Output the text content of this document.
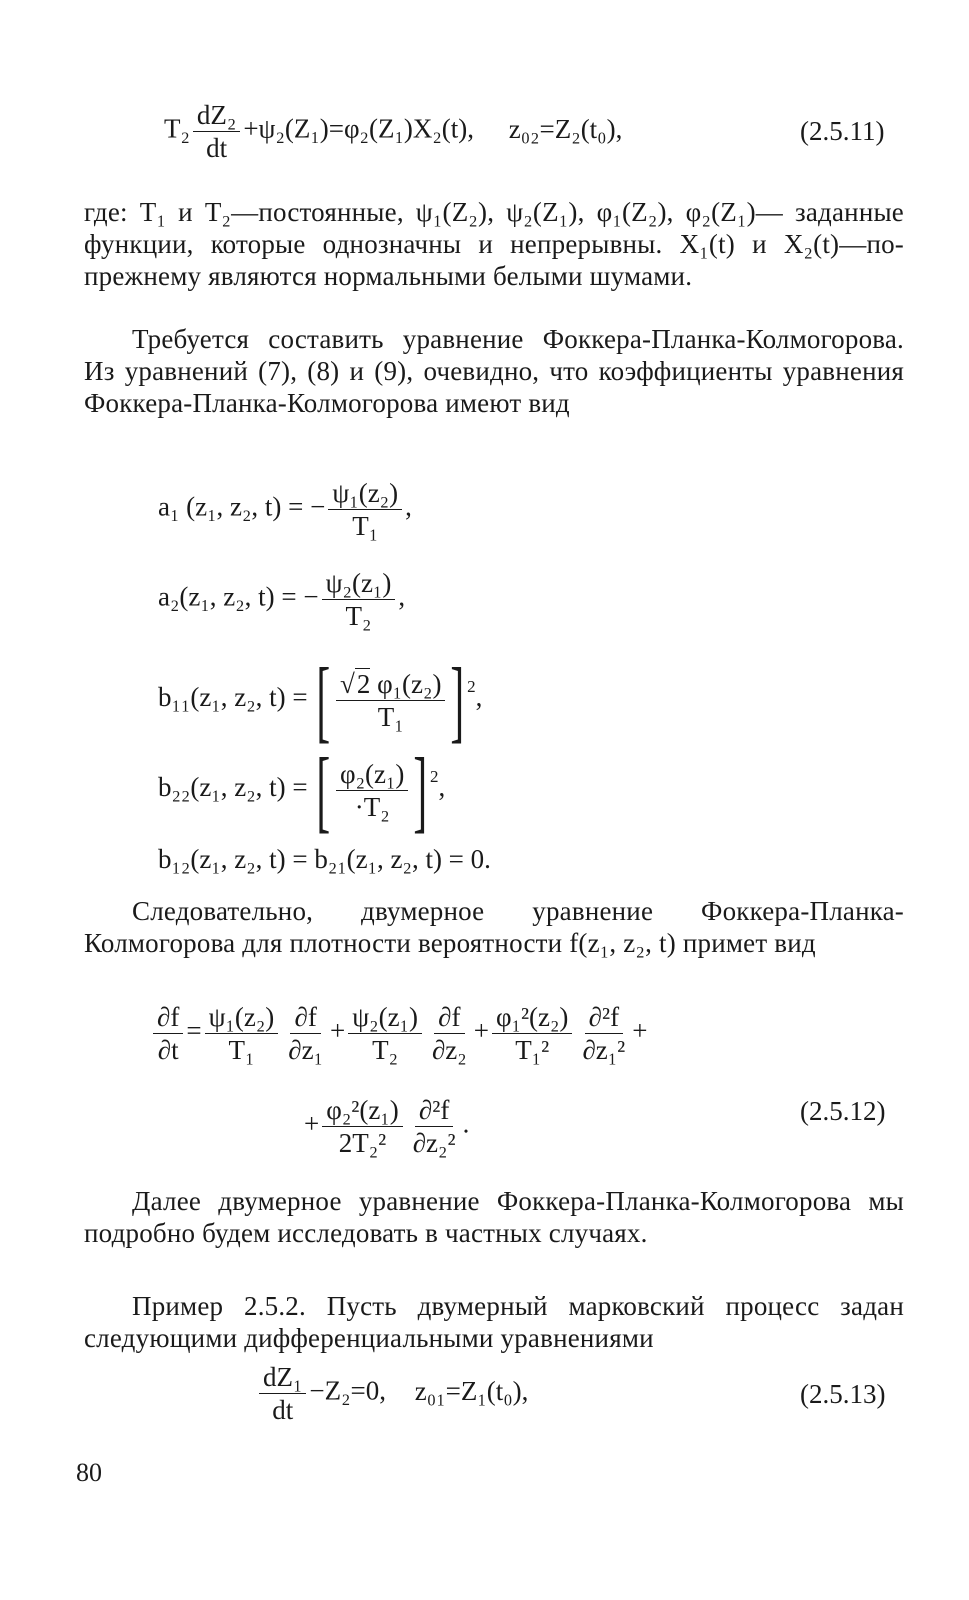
$T_2 \frac{\text{dZ₂}}{dt} +\psi_2(Z_1)=\varphi_2(Z_1)X_2(t)$, z₀₂=Z₂(t₀),	(2.5.11)
где: T₁ и T₂—постоянные, ψ₁(Z₂), ψ₂(Z₁), φ₁(Z₂), φ₂(Z₁)— заданные функции, которые однозначны и непрерывны. X₁(t) и X₂(t)—по-прежнему являются нормальными белыми шумами.
Требуется составить уравнение Фоккера-Планка-Колмогорова. Из уравнений (7), (8) и (9), очевидно, что коэффициенты уравнения Фоккера-Планка-Колмогорова имеют вид
a₁ (z₁, z₂, t) = − $\frac{\text{ψ₁(z₂)}}{\text{T₁}}$ ,
a₂(z₁, z₂, t) = − $\frac{\text{ψ₂(z₁)}}{\text{T₂}}$ ,
b₁₁(z₁, z₂, t) = [ $\frac{\text{√2 φ₁(z₂)}}{\text{T₁}}$ ] $^2$,
b₂₂(z₁, z₂, t) = [ $\frac{\text{φ₂(z₁)}}{\text{·T₂}}$ ] $^2$,
b₁₂(z₁, z₂, t) = b₂₁(z₁, z₂, t) = 0.
Следовательно, двумерное уравнение Фоккера-Планка-Колмогорова для плотности вероятности f(z₁, z₂, t) примет вид
$\frac{\partial f}{\partial t} = \frac{\text{ψ₁(z₂)}}{\text{T₁}} \frac{\partial f}{\text{∂z₁}} + \frac{\text{ψ₂(z₁)}}{\text{T₂}} \frac{\partial f}{\text{∂z₂}} + \frac{\text{φ₁²(z₂)}}{\text{T₁²}} \frac{\text{∂²f}}{\text{∂z₁²}}$ +
+ $\frac{\text{φ₂²(z₁)}}{\text{2T₂²}} \frac{\text{∂²f}}{\text{∂z₂²}}$ .	(2.5.12)
Далее двумерное уравнение Фоккера-Планка-Колмогорова мы подробно будем исследовать в частных случаях.
Пример 2.5.2. Пусть двумерный марковский процесс задан следующими дифференциальными уравнениями
$\frac{\text{dZ₁}}{dt} -Z_2=0$, z₀₁=Z₁(t₀),	(2.5.13)
80
